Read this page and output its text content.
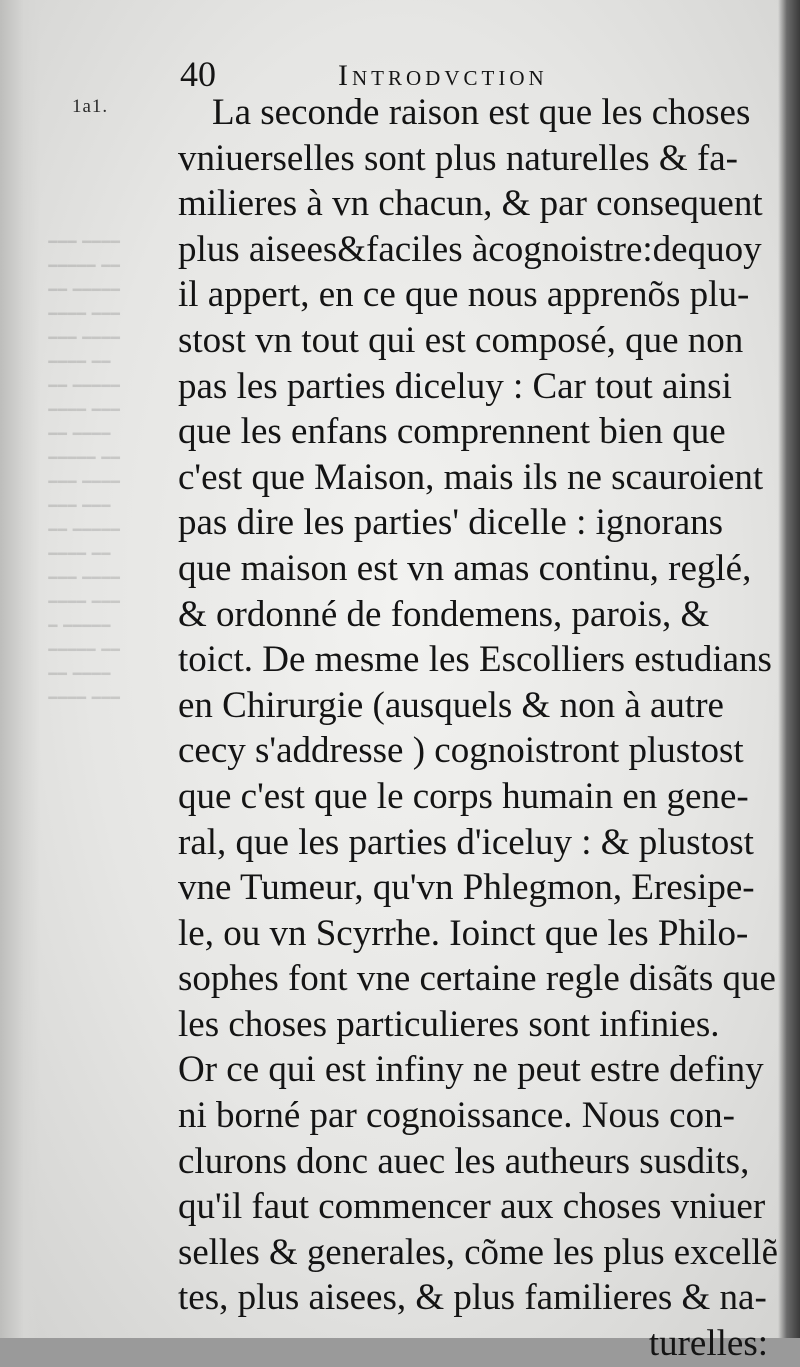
━━━━ ━━━
━━ ━━━━━
━━━━━ ━━
━━━ ━━━━
━━━━ ━━━
━━ ━━━━
━━━━━ ━━
━━━ ━━━━
━━━━ ━━
━━ ━━━━━
━━━━ ━━━
━━━ ━━━
━━━━━ ━━
━━ ━━━━
━━━━ ━━━
━━━ ━━━━
━━━━━ ━
━━ ━━━━━
━━━━ ━━
━━━ ━━━━
40	Introdvction
1a1.	La seconde raison est que les choses
vniuerselles sont plus naturelles & fa-
milieres à vn chacun, & par consequent
plus aisees&faciles àcognoistre:dequoy
il appert, en ce que nous apprenõs plu-
stost vn tout qui est composé, que non
pas les parties diceluy : Car tout ainsi
que les enfans comprennent bien que
c'est que Maison, mais ils ne scauroient
pas dire les parties' dicelle : ignorans
que maison est vn amas continu, reglé,
& ordonné de fondemens, parois, &
toict. De mesme les Escolliers estudians
en Chirurgie (ausquels & non à autre
cecy s'addresse ) cognoistront plustost
que c'est que le corps humain en gene-
ral, que les parties d'iceluy : & plustost
vne Tumeur, qu'vn Phlegmon, Eresipe-
le, ou vn Scyrrhe. Ioinct que les Philo-
sophes font vne certaine regle disãts que
les choses particulieres sont infinies.
Or ce qui est infiny ne peut estre definy
ni borné par cognoissance. Nous con-
clurons donc auec les autheurs susdits,
qu'il faut commencer aux choses vniuer
selles & generales, cõme les plus excellẽ
tes, plus aisees, & plus familieres & na-
turelles:
